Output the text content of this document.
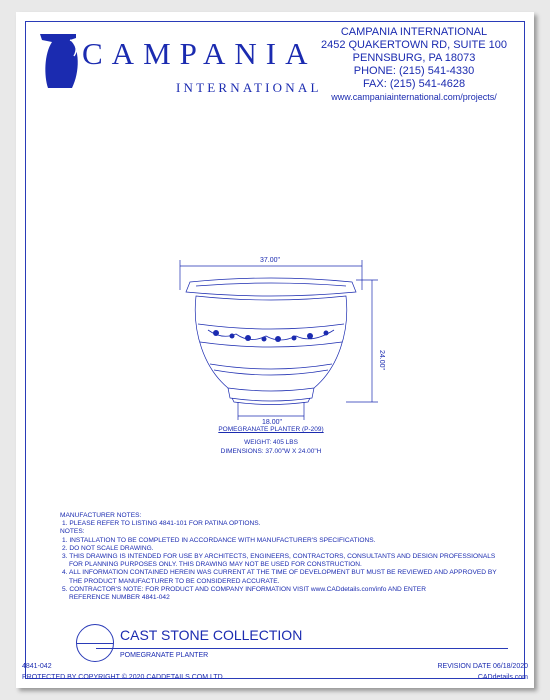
CAMPANIA
INTERNATIONAL
CAMPANIA INTERNATIONAL
2452 QUAKERTOWN RD, SUITE 100
PENNSBURG, PA 18073
PHONE: (215) 541-4330
FAX: (215) 541-4628
www.campaniainternational.com/projects/
37.00"
18.00"
24.00"
POMEGRANATE PLANTER (P-209)
WEIGHT: 405 LBS
DIMENSIONS: 37.00"W X 24.00"H
MANUFACTURER NOTES:
1. PLEASE REFER TO LISTING 4841-101 FOR PATINA OPTIONS.
NOTES:
1. INSTALLATION TO BE COMPLETED IN ACCORDANCE WITH MANUFACTURER'S SPECIFICATIONS.
2. DO NOT SCALE DRAWING.
3. THIS DRAWING IS INTENDED FOR USE BY ARCHITECTS, ENGINEERS, CONTRACTORS, CONSULTANTS AND DESIGN PROFESSIONALS
FOR PLANNING PURPOSES ONLY. THIS DRAWING MAY NOT BE USED FOR CONSTRUCTION.
4. ALL INFORMATION CONTAINED HEREIN WAS CURRENT AT THE TIME OF DEVELOPMENT BUT MUST BE REVIEWED AND APPROVED BY
THE PRODUCT MANUFACTURER TO BE CONSIDERED ACCURATE.
5. CONTRACTOR'S NOTE: FOR PRODUCT AND COMPANY INFORMATION VISIT www.CADdetails.com/info AND ENTER
REFERENCE NUMBER 4841-042
CAST STONE COLLECTION
POMEGRANATE PLANTER
4841-042	REVISION DATE 06/18/2020
PROTECTED BY COPYRIGHT © 2020 CADDETAILS.COM LTD.	CADdetails.com
